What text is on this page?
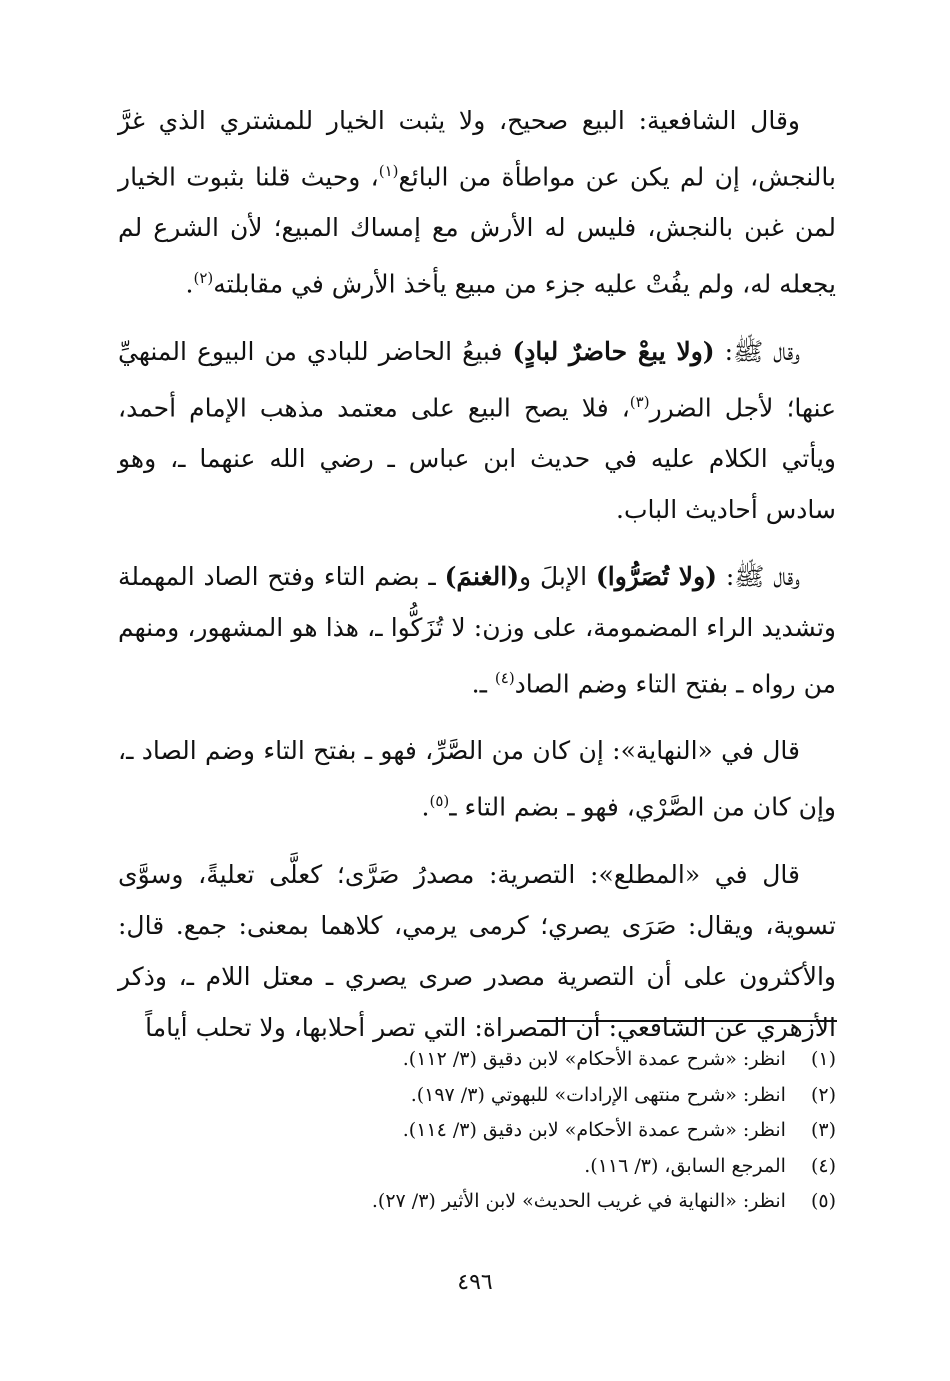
وقال الشافعية: البيع صحيح، ولا يثبت الخيار للمشتري الذي غرَّ بالنجش، إن لم يكن عن مواطأة من البائع$^{(١)}$، وحيث قلنا بثبوت الخيار لمن غبن بالنجش، فليس له الأرش مع إمساك المبيع؛ لأن الشرع لم يجعله له، ولم يفُتْ عليه جزء من مبيع يأخذ الأرش في مقابلته$^{(٢)}$.

وقال ﷺ: (ولا يبعْ حاضرٌ لبادٍ) فبيعُ الحاضر للبادي من البيوع المنهيِّ عنها؛ لأجل الضرر$^{(٣)}$، فلا يصح البيع على معتمد مذهب الإمام أحمد، ويأتي الكلام عليه في حديث ابن عباس ـ رضي الله عنهما ـ، وهو سادس أحاديث الباب.

وقال ﷺ: (ولا تُصَرُّوا) الإبلَ و(الغنمَ) ـ بضم التاء وفتح الصاد المهملة وتشديد الراء المضمومة، على وزن: لا تُزَكُّوا ـ، هذا هو المشهور، ومنهم من رواه ـ بفتح التاء وضم الصاد$^{(٤)}$ ـ.

قال في «النهاية»: إن كان من الصَّرِّ، فهو ـ بفتح التاء وضم الصاد ـ، وإن كان من الصَّرْي، فهو ـ بضم التاء ـ$^{(٥)}$.

قال في «المطلع»: التصرية: مصدرُ صَرَّى؛ كعلَّى تعليةً، وسوَّى تسوية، ويقال: صَرَى يصري؛ كرمى يرمي، كلاهما بمعنى: جمع. قال: والأكثرون على أن التصرية مصدر صرى يصري ـ معتل اللام ـ، وذكر الأزهري عن الشافعي: أن المصراة: التي تصر أحلابها، ولا تحلب أياماً

(١) انظر: «شرح عمدة الأحكام» لابن دقيق (٣/ ١١٢).
(٢) انظر: «شرح منتهى الإرادات» للبهوتي (٣/ ١٩٧).
(٣) انظر: «شرح عمدة الأحكام» لابن دقيق (٣/ ١١٤).
(٤) المرجع السابق، (٣/ ١١٦).
(٥) انظر: «النهاية في غريب الحديث» لابن الأثير (٣/ ٢٧).
٤٩٦
